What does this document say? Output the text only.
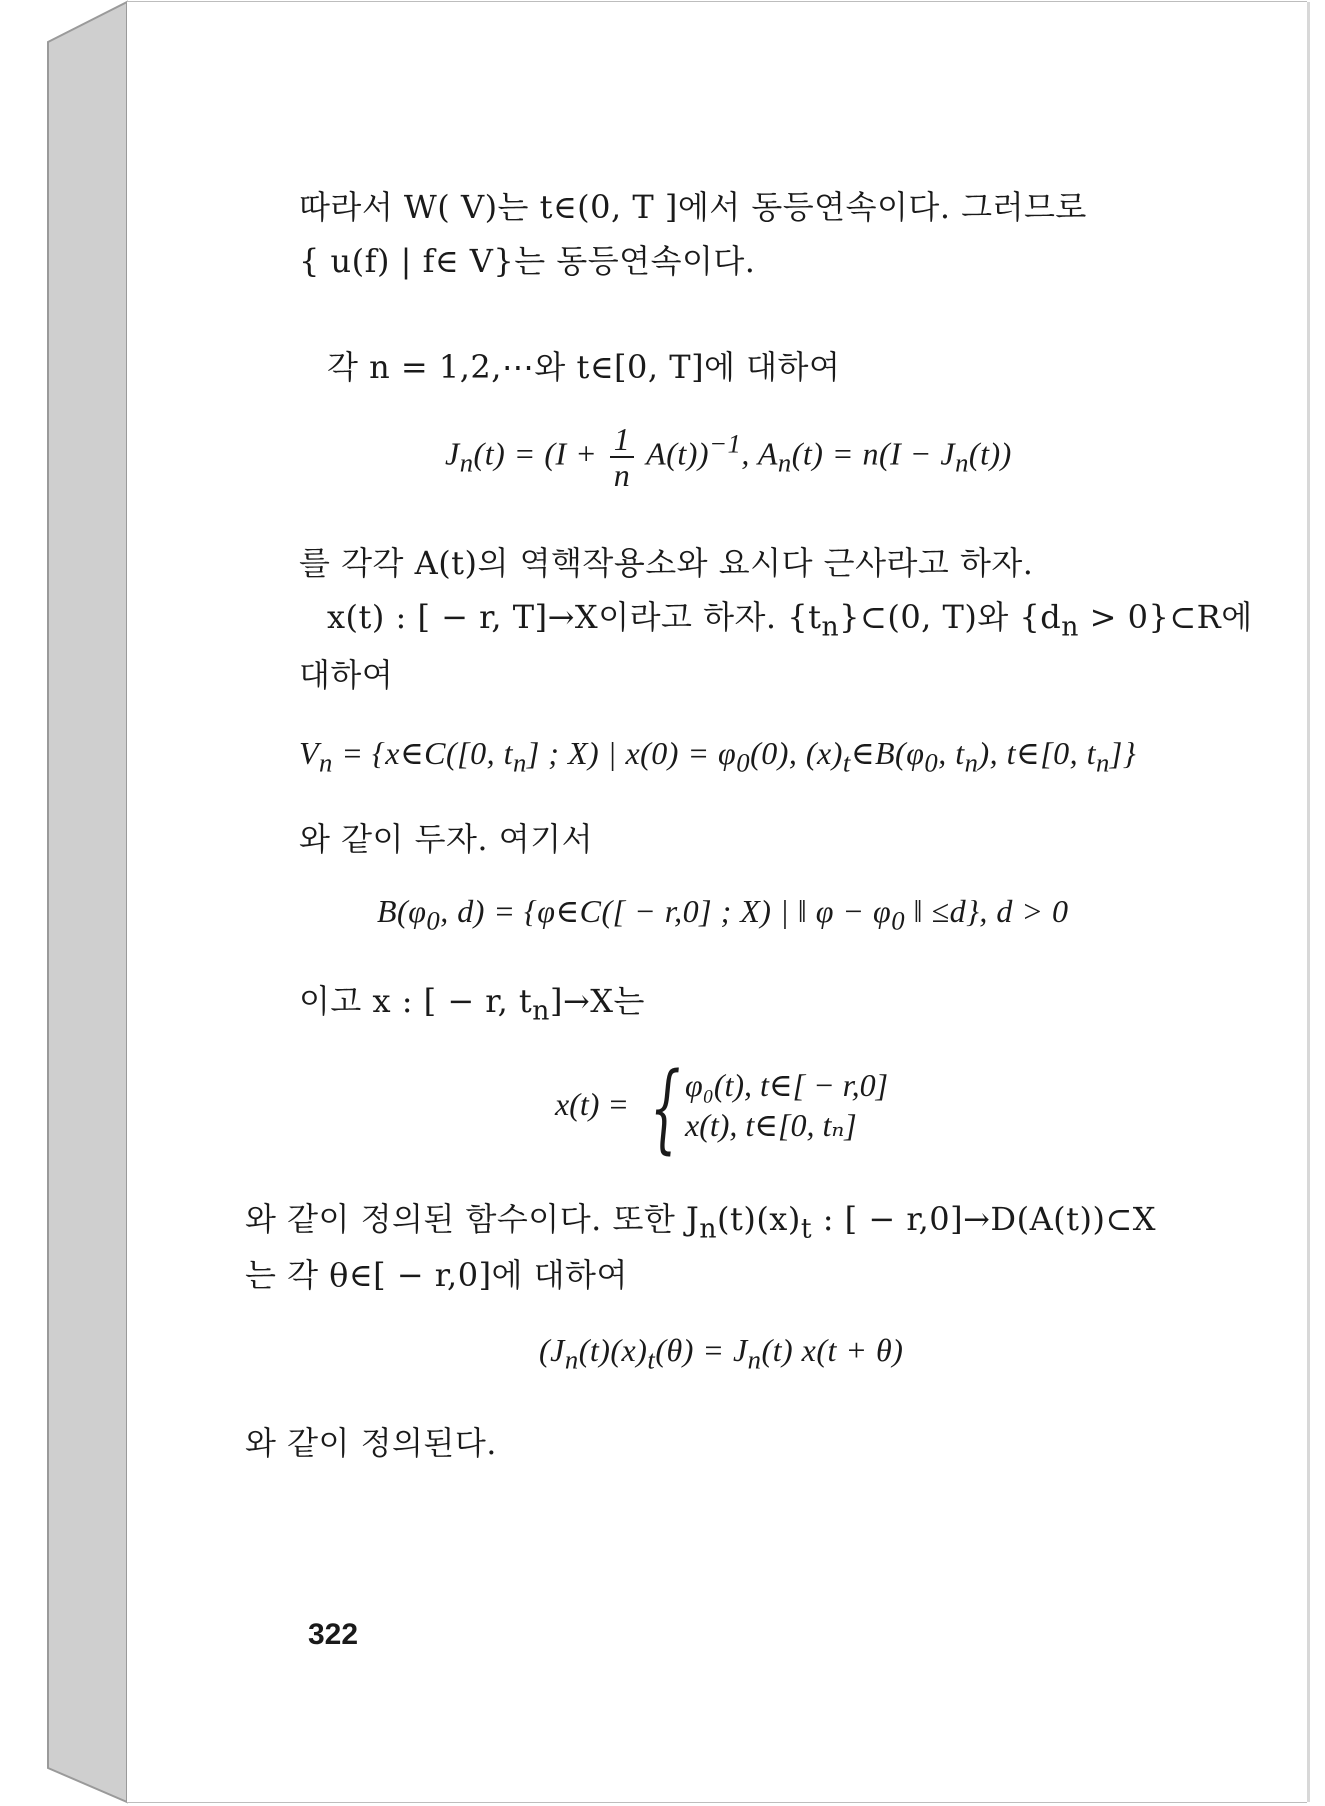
따라서 W( V)는 t∈(0, T ]에서 동등연속이다. 그러므로
{ u(f) | f∈ V}는 동등연속이다.
각 n = 1,2,⋯와 t∈[0, T]에 대하여
$J_n(t) = (I + \frac{1}{n} A(t))^{-1}$, $A_n(t) = n(I - J_n(t))$
를 각각 A(t)의 역핵작용소와 요시다 근사라고 하자.
x(t) : [ − r, T]→X이라고 하자. $\{t_n\}\subset(0$, T)와 {$d_n$ > 0}⊂R에
대하여
$V_n$ = {x∈C([0, $t_n$] ; X) | $x(0) = \varphi_0(0)$, $(x)_t\in B(\varphi_0$, $t_n$), t∈[0, $t_n$]}
와 같이 두자. 여기서
$B(\varphi_0$, d) = {φ∈C([ − r,0] ; X) | ‖ $\varphi - \varphi_0$ ‖ ≤d}, d > 0
이고 x : [ − r, $t_n]\to X$는
x(t) = { φ₀(t), t∈[ − r,0]
x(t), t∈[0, tₙ]
와 같이 정의된 함수이다. 또한 $J_n(t)(x)_t$ : [ − r,0]→D(A(t))⊂X
는 각 θ∈[ − r,0]에 대하여
($J_n(t)(x)_t(\theta) = J_n(t) x(t + \theta)$
와 같이 정의된다.
322
